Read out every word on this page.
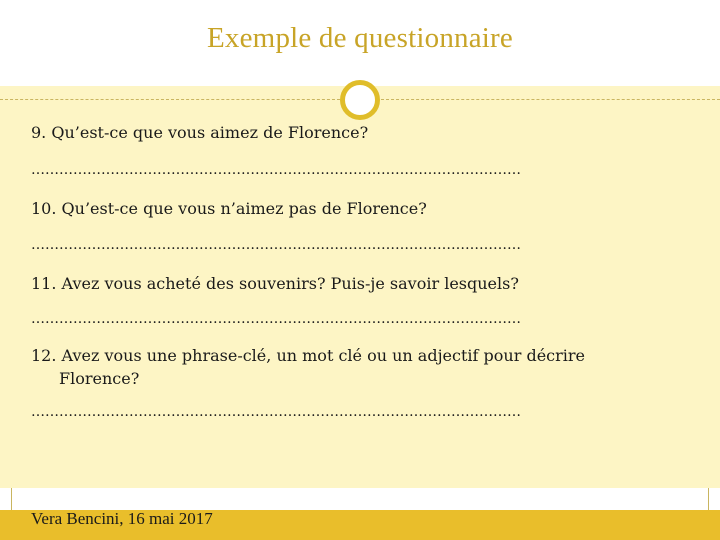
Exemple de questionnaire
9. Qu’est-ce que vous aimez de Florence?
……………………………………………………………………………………………
10. Qu’est-ce que vous n’aimez pas de Florence?
……………………………………………………………………………………………
11. Avez vous acheté des souvenirs? Puis-je savoir lesquels?
……………………………………………………………………………………………
12. Avez vous une phrase-clé, un mot clé ou un adjectif pour décrire
Florence?
……………………………………………………………………………………………
Vera Bencini, 16 mai 2017
